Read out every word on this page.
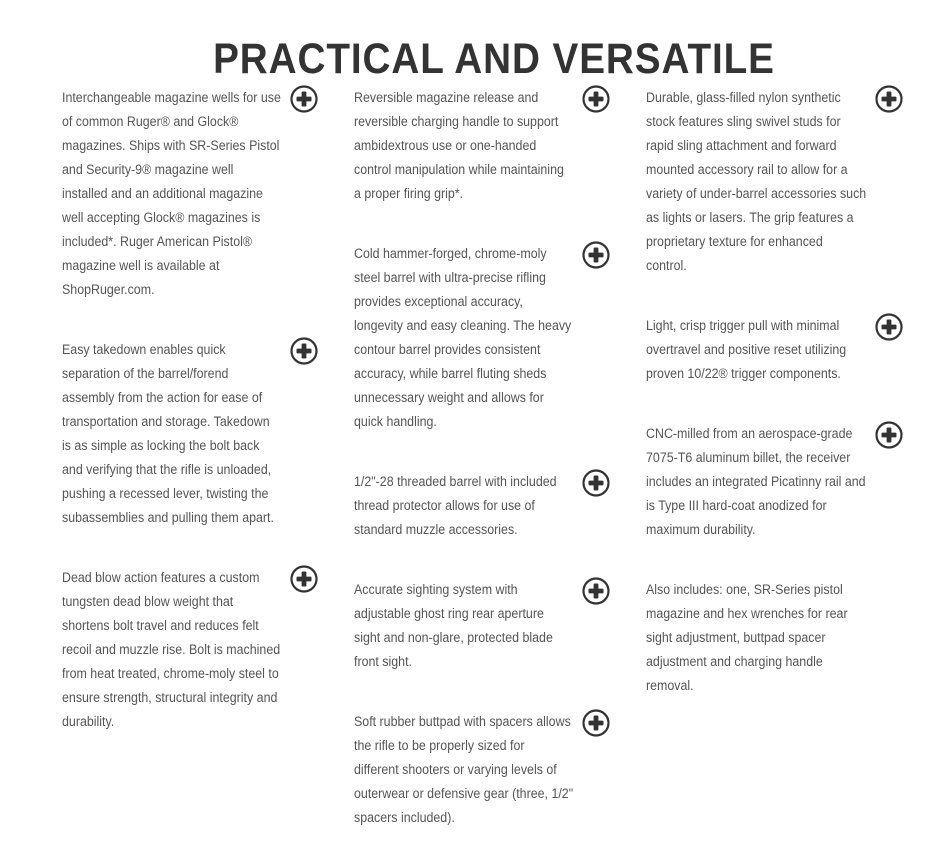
PRACTICAL AND VERSATILE

Interchangeable magazine wells for use
of common Ruger® and Glock®
magazines. Ships with SR-Series Pistol
and Security-9® magazine well
installed and an additional magazine
well accepting Glock® magazines is
included*. Ruger American Pistol®
magazine well is available at
ShopRuger.com.

Easy takedown enables quick
separation of the barrel/forend
assembly from the action for ease of
transportation and storage. Takedown
is as simple as locking the bolt back
and verifying that the rifle is unloaded,
pushing a recessed lever, twisting the
subassemblies and pulling them apart.

Dead blow action features a custom
tungsten dead blow weight that
shortens bolt travel and reduces felt
recoil and muzzle rise. Bolt is machined
from heat treated, chrome-moly steel to
ensure strength, structural integrity and
durability.

Reversible magazine release and
reversible charging handle to support
ambidextrous use or one-handed
control manipulation while maintaining
a proper firing grip*.

Cold hammer-forged, chrome-moly
steel barrel with ultra-precise rifling
provides exceptional accuracy,
longevity and easy cleaning. The heavy
contour barrel provides consistent
accuracy, while barrel fluting sheds
unnecessary weight and allows for
quick handling.

1/2"-28 threaded barrel with included
thread protector allows for use of
standard muzzle accessories.

Accurate sighting system with
adjustable ghost ring rear aperture
sight and non-glare, protected blade
front sight.

Soft rubber buttpad with spacers allows
the rifle to be properly sized for
different shooters or varying levels of
outerwear or defensive gear (three, 1/2"
spacers included).

Durable, glass-filled nylon synthetic
stock features sling swivel studs for
rapid sling attachment and forward
mounted accessory rail to allow for a
variety of under-barrel accessories such
as lights or lasers. The grip features a
proprietary texture for enhanced
control.

Light, crisp trigger pull with minimal
overtravel and positive reset utilizing
proven 10/22® trigger components.

CNC-milled from an aerospace-grade
7075-T6 aluminum billet, the receiver
includes an integrated Picatinny rail and
is Type III hard-coat anodized for
maximum durability.

Also includes: one, SR-Series pistol
magazine and hex wrenches for rear
sight adjustment, buttpad spacer
adjustment and charging handle
removal.
